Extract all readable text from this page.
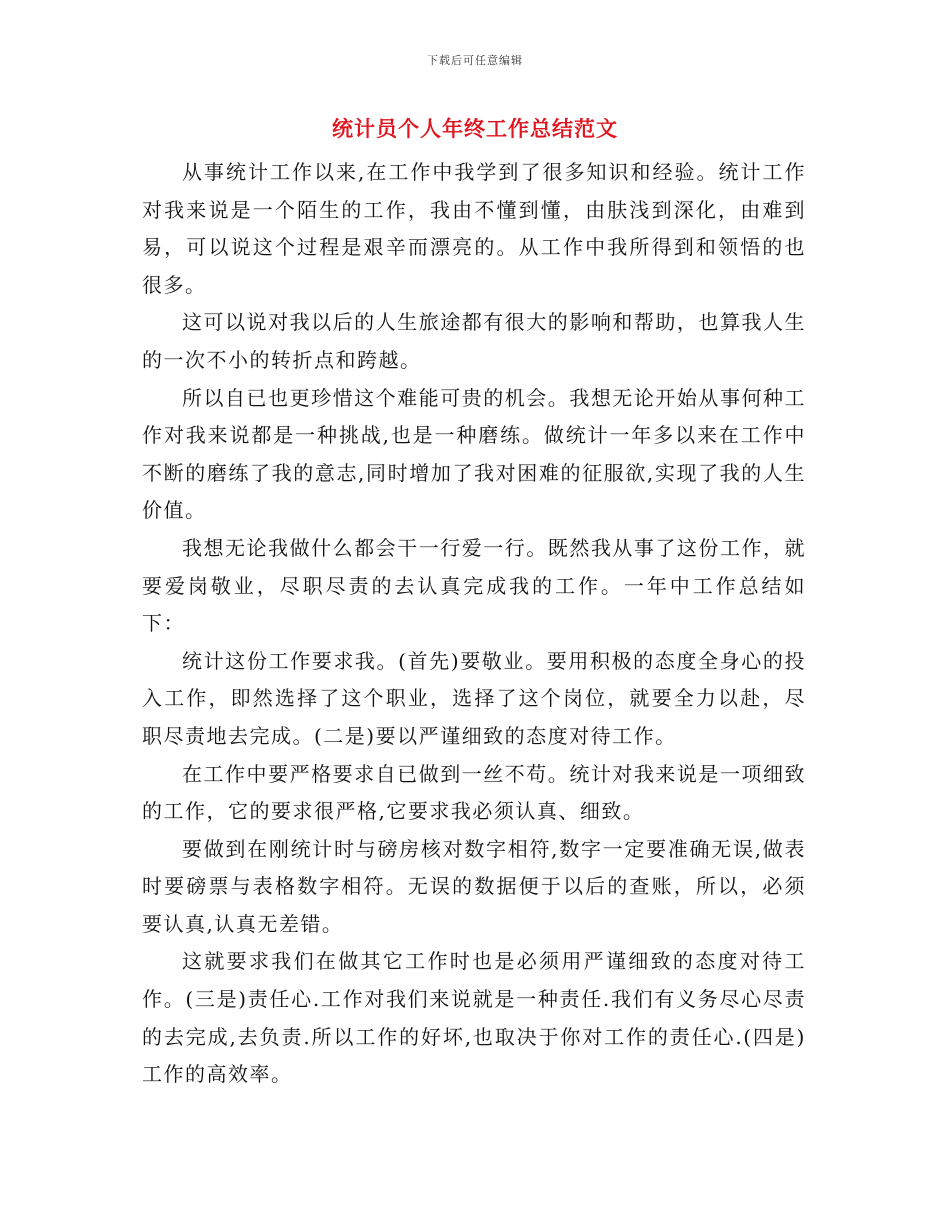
下载后可任意编辑
统计员个人年终工作总结范文

从事统计工作以来,在工作中我学到了很多知识和经验。统计工作对我来说是一个陌生的工作，我由不懂到懂，由肤浅到深化，由难到易，可以说这个过程是艰辛而漂亮的。从工作中我所得到和领悟的也很多。

这可以说对我以后的人生旅途都有很大的影响和帮助，也算我人生的一次不小的转折点和跨越。

所以自已也更珍惜这个难能可贵的机会。我想无论开始从事何种工作对我来说都是一种挑战,也是一种磨练。做统计一年多以来在工作中不断的磨练了我的意志,同时增加了我对困难的征服欲,实现了我的人生价值。

我想无论我做什么都会干一行爱一行。既然我从事了这份工作，就要爱岗敬业，尽职尽责的去认真完成我的工作。一年中工作总结如下：

统计这份工作要求我。(首先)要敬业。要用积极的态度全身心的投入工作，即然选择了这个职业，选择了这个岗位，就要全力以赴，尽职尽责地去完成。(二是)要以严谨细致的态度对待工作。

在工作中要严格要求自已做到一丝不苟。统计对我来说是一项细致的工作，它的要求很严格,它要求我必须认真、细致。

要做到在刚统计时与磅房核对数字相符,数字一定要准确无误,做表时要磅票与表格数字相符。无误的数据便于以后的查账，所以，必须要认真,认真无差错。

这就要求我们在做其它工作时也是必须用严谨细致的态度对待工作。(三是)责任心.工作对我们来说就是一种责任.我们有义务尽心尽责的去完成,去负责.所以工作的好坏,也取决于你对工作的责任心.(四是)工作的高效率。
